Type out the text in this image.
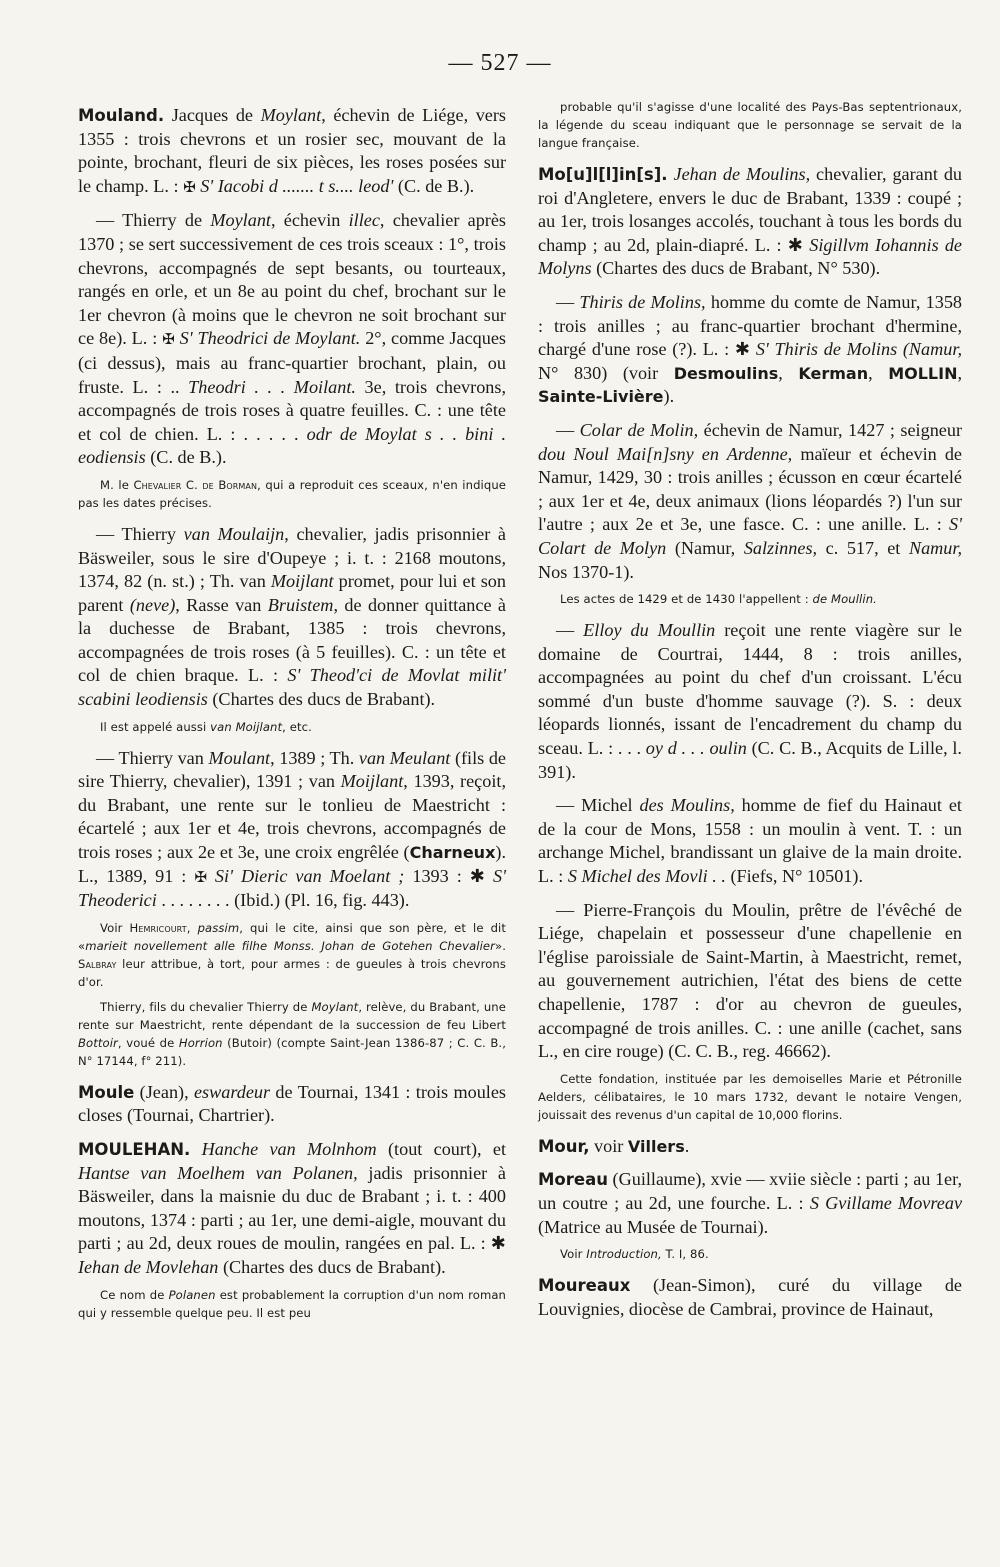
— 527 —

Mouland. Jacques de Moylant, échevin de Liége, vers 1355 : trois chevrons et un rosier sec, mouvant de la pointe, brochant, fleuri de six pièces, les roses posées sur le champ. L. : ✠ S' Iacobi d ....... t s.... leod' (C. de B.).

— Thierry de Moylant, échevin illec, chevalier après 1370 ; se sert successivement de ces trois sceaux : 1°, trois chevrons, accompagnés de sept besants, ou tourteaux, rangés en orle, et un 8e au point du chef, brochant sur le 1er chevron (à moins que le chevron ne soit brochant sur ce 8e). L. : ✠ S' Theodrici de Moylant. 2°, comme Jacques (ci dessus), mais au franc-quartier brochant, plain, ou fruste. L. : .. Theodri . . . Moilant. 3e, trois chevrons, accompagnés de trois roses à quatre feuilles. C. : une tête et col de chien. L. : . . . . . odr de Moylat s . . bini . eodiensis (C. de B.).

M. le Chevalier C. de Borman, qui a reproduit ces sceaux, n'en indique pas les dates précises.

— Thierry van Moulaijn, chevalier, jadis prisonnier à Bäsweiler, sous le sire d'Oupeye ; i. t. : 2168 moutons, 1374, 82 (n. st.) ; Th. van Moijlant promet, pour lui et son parent (neve), Rasse van Bruistem, de donner quittance à la duchesse de Brabant, 1385 : trois chevrons, accompagnées de trois roses (à 5 feuilles). C. : un tête et col de chien braque. L. : S' Theod'ci de Movlat milit' scabini leodiensis (Chartes des ducs de Brabant).

Il est appelé aussi van Moijlant, etc.

— Thierry van Moulant, 1389 ; Th. van Meulant (fils de sire Thierry, chevalier), 1391 ; van Moijlant, 1393, reçoit, du Brabant, une rente sur le tonlieu de Maestricht : écartelé ; aux 1er et 4e, trois chevrons, accompagnés de trois roses ; aux 2e et 3e, une croix engrêlée (Charneux). L., 1389, 91 : ✠ Si' Dieric van Moelant ; 1393 : ✱ S' Theoderici . . . . . . . . (Ibid.) (Pl. 16, fig. 443).

Voir Hemricourt, passim, qui le cite, ainsi que son père, et le dit «marieit novellement alle filhe Monss. Johan de Gotehen Chevalier». Salbray leur attribue, à tort, pour armes : de gueules à trois chevrons d'or.

Thierry, fils du chevalier Thierry de Moylant, relève, du Brabant, une rente sur Maestricht, rente dépendant de la succession de feu Libert Bottoir, voué de Horrion (Butoir) (compte Saint-Jean 1386-87 ; C. C. B., N° 17144, f° 211).

Moule (Jean), eswardeur de Tournai, 1341 : trois moules closes (Tournai, Chartrier).

MOULEHAN. Hanche van Molnhom (tout court), et Hantse van Moelhem van Polanen, jadis prisonnier à Bäsweiler, dans la maisnie du duc de Brabant ; i. t. : 400 moutons, 1374 : parti ; au 1er, une demi-aigle, mouvant du parti ; au 2d, deux roues de moulin, rangées en pal. L. : ✱ Iehan de Movlehan (Chartes des ducs de Brabant).

Ce nom de Polanen est probablement la corruption d'un nom roman qui y ressemble quelque peu. Il est peu

probable qu'il s'agisse d'une localité des Pays-Bas septentrionaux, la légende du sceau indiquant que le personnage se servait de la langue française.

Mo[u]l[l]in[s]. Jehan de Moulins, chevalier, garant du roi d'Angletere, envers le duc de Brabant, 1339 : coupé ; au 1er, trois losanges accolés, touchant à tous les bords du champ ; au 2d, plain-diapré. L. : ✱ Sigillvm Iohannis de Molyns (Chartes des ducs de Brabant, N° 530).

— Thiris de Molins, homme du comte de Namur, 1358 : trois anilles ; au franc-quartier brochant d'hermine, chargé d'une rose (?). L. : ✱ S' Thiris de Molins (Namur, N° 830) (voir Desmoulins, Kerman, MOLLIN, Sainte-Livière).

— Colar de Molin, échevin de Namur, 1427 ; seigneur dou Noul Mai[n]sny en Ardenne, maïeur et échevin de Namur, 1429, 30 : trois anilles ; écusson en cœur écartelé ; aux 1er et 4e, deux animaux (lions léopardés ?) l'un sur l'autre ; aux 2e et 3e, une fasce. C. : une anille. L. : S' Colart de Molyn (Namur, Salzinnes, c. 517, et Namur, Nos 1370-1).

Les actes de 1429 et de 1430 l'appellent : de Moullin.

— Elloy du Moullin reçoit une rente viagère sur le domaine de Courtrai, 1444, 8 : trois anilles, accompagnées au point du chef d'un croissant. L'écu sommé d'un buste d'homme sauvage (?). S. : deux léopards lionnés, issant de l'encadrement du champ du sceau. L. : . . . oy d . . . oulin (C. C. B., Acquits de Lille, l. 391).

— Michel des Moulins, homme de fief du Hainaut et de la cour de Mons, 1558 : un moulin à vent. T. : un archange Michel, brandissant un glaive de la main droite. L. : S Michel des Movli . . (Fiefs, N° 10501).

— Pierre-François du Moulin, prêtre de l'évêché de Liége, chapelain et possesseur d'une chapellenie en l'église paroissiale de Saint-Martin, à Maestricht, remet, au gouvernement autrichien, l'état des biens de cette chapellenie, 1787 : d'or au chevron de gueules, accompagné de trois anilles. C. : une anille (cachet, sans L., en cire rouge) (C. C. B., reg. 46662).

Cette fondation, instituée par les demoiselles Marie et Pétronille Aelders, célibataires, le 10 mars 1732, devant le notaire Vengen, jouissait des revenus d'un capital de 10,000 florins.

Mour, voir Villers.

Moreau (Guillaume), xvie — xviie siècle : parti ; au 1er, un coutre ; au 2d, une fourche. L. : S Gvillame Movreav (Matrice au Musée de Tournai).

Voir Introduction, T. I, 86.

Moureaux (Jean-Simon), curé du village de Louvignies, diocèse de Cambrai, province de Hainaut,
